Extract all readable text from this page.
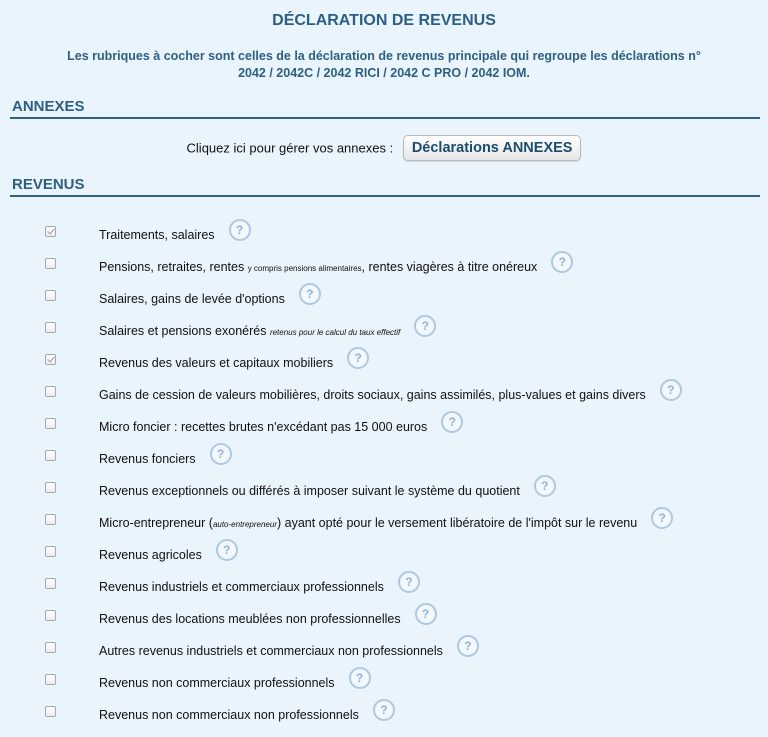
DÉCLARATION DE REVENUS
Les rubriques à cocher sont celles de la déclaration de revenus principale qui regroupe les déclarations n°
2042 / 2042C / 2042 RICI / 2042 C PRO / 2042 IOM.
ANNEXES
Cliquez ici pour gérer vos annexes : Déclarations ANNEXES
REVENUS
Traitements, salaires ?
Pensions, retraites, rentes y compris pensions alimentaires, rentes viagères à titre onéreux ?
Salaires, gains de levée d'options ?
Salaires et pensions exonérés retenus pour le calcul du taux effectif ?
Revenus des valeurs et capitaux mobiliers ?
Gains de cession de valeurs mobilières, droits sociaux, gains assimilés, plus-values et gains divers ?
Micro foncier : recettes brutes n'excédant pas 15 000 euros ?
Revenus fonciers ?
Revenus exceptionnels ou différés à imposer suivant le système du quotient ?
Micro-entrepreneur (auto-entrepreneur) ayant opté pour le versement libératoire de l'impôt sur le revenu ?
Revenus agricoles ?
Revenus industriels et commerciaux professionnels ?
Revenus des locations meublées non professionnelles ?
Autres revenus industriels et commerciaux non professionnels ?
Revenus non commerciaux professionnels ?
Revenus non commerciaux non professionnels ?
